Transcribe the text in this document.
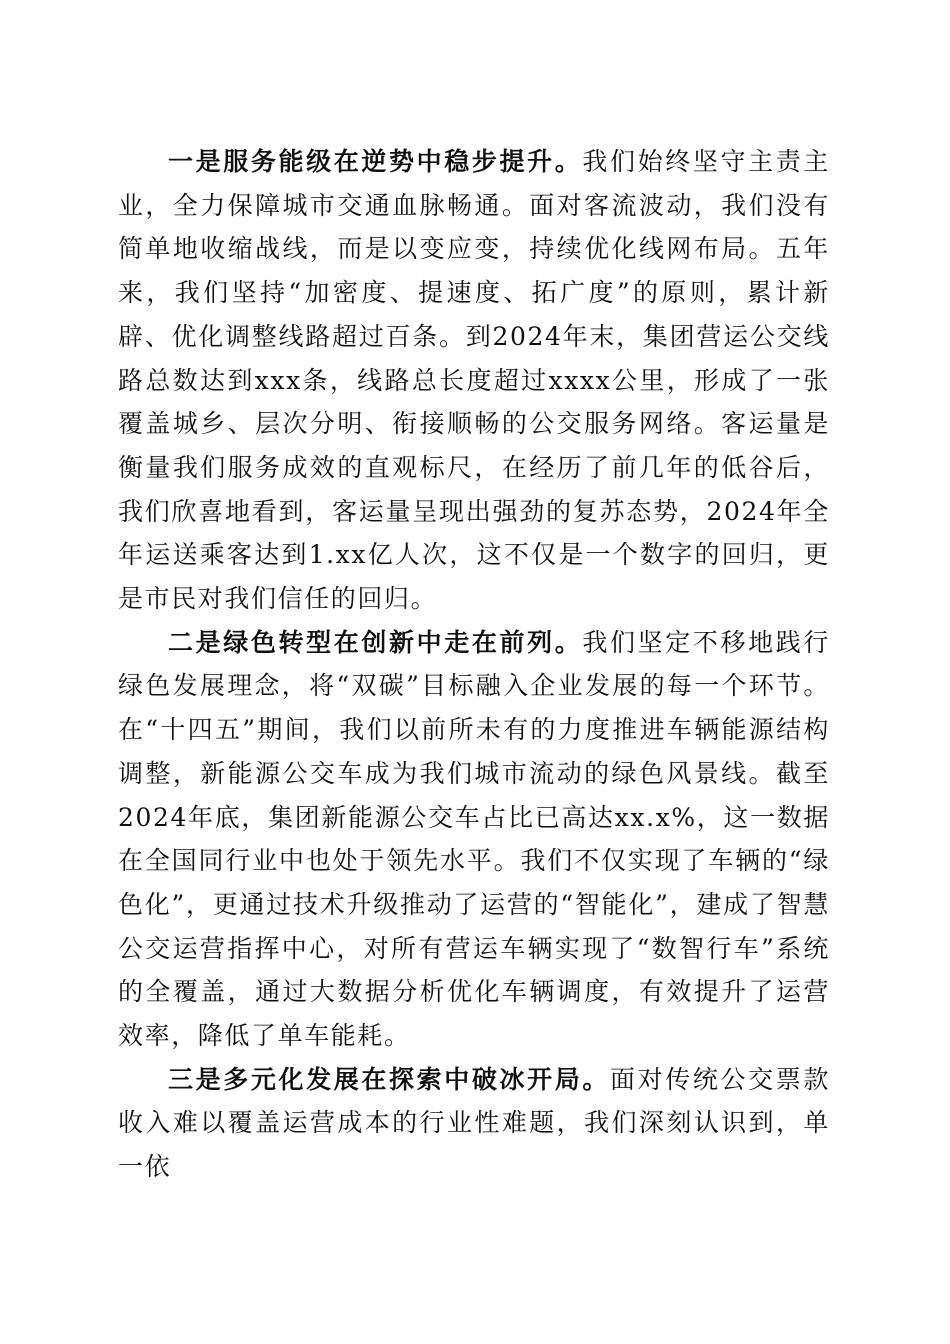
一是服务能级在逆势中稳步提升。我们始终坚守主责主业，全力保障城市交通血脉畅通。面对客流波动，我们没有简单地收缩战线，而是以变应变，持续优化线网布局。五年来，我们坚持“加密度、提速度、拓广度”的原则，累计新辟、优化调整线路超过百条。到2024年末，集团营运公交线路总数达到xxx条，线路总长度超过xxxx公里，形成了一张覆盖城乡、层次分明、衔接顺畅的公交服务网络。客运量是衡量我们服务成效的直观标尺，在经历了前几年的低谷后，我们欣喜地看到，客运量呈现出强劲的复苏态势，2024年全年运送乘客达到1.xx亿人次，这不仅是一个数字的回归，更是市民对我们信任的回归。

二是绿色转型在创新中走在前列。我们坚定不移地践行绿色发展理念，将“双碳”目标融入企业发展的每一个环节。在“十四五”期间，我们以前所未有的力度推进车辆能源结构调整，新能源公交车成为我们城市流动的绿色风景线。截至2024年底，集团新能源公交车占比已高达xx.x%，这一数据在全国同行业中也处于领先水平。我们不仅实现了车辆的“绿色化”，更通过技术升级推动了运营的“智能化”，建成了智慧公交运营指挥中心，对所有营运车辆实现了“数智行车”系统的全覆盖，通过大数据分析优化车辆调度，有效提升了运营效率，降低了单车能耗。

三是多元化发展在探索中破冰开局。面对传统公交票款收入难以覆盖运营成本的行业性难题，我们深刻认识到，单一依
